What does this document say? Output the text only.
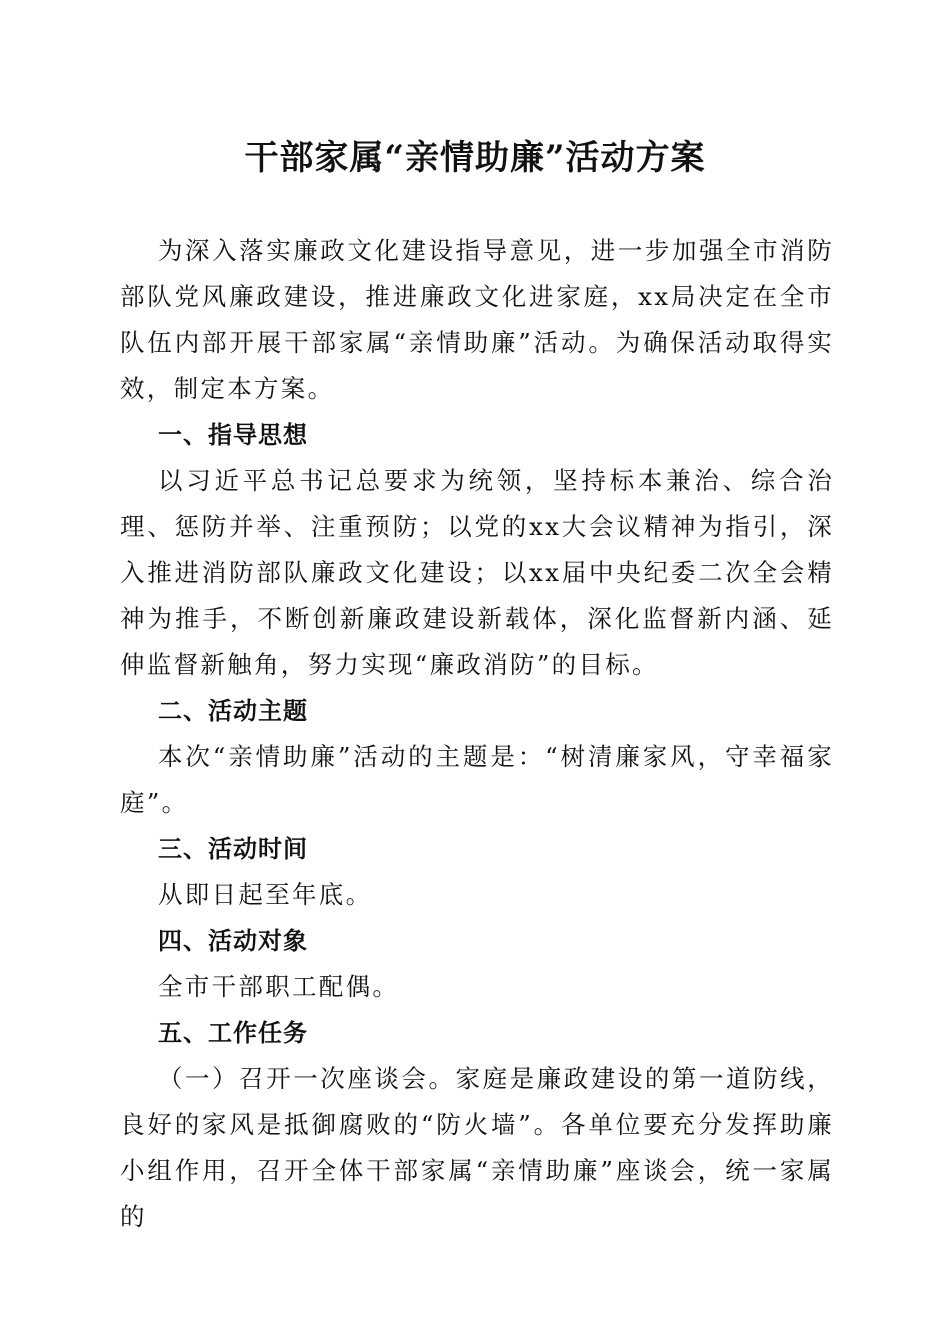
干部家属“亲情助廉”活动方案

为深入落实廉政文化建设指导意见，进一步加强全市消防部队党风廉政建设，推进廉政文化进家庭，xx局决定在全市队伍内部开展干部家属“亲情助廉”活动。为确保活动取得实效，制定本方案。

一、指导思想

以习近平总书记总要求为统领，坚持标本兼治、综合治理、惩防并举、注重预防；以党的xx大会议精神为指引，深入推进消防部队廉政文化建设；以xx届中央纪委二次全会精神为推手，不断创新廉政建设新载体，深化监督新内涵、延伸监督新触角，努力实现“廉政消防”的目标。

二、活动主题

本次“亲情助廉”活动的主题是：“树清廉家风，守幸福家庭”。

三、活动时间

从即日起至年底。

四、活动对象

全市干部职工配偶。

五、工作任务

（一）召开一次座谈会。家庭是廉政建设的第一道防线，良好的家风是抵御腐败的“防火墙”。各单位要充分发挥助廉小组作用，召开全体干部家属“亲情助廉”座谈会，统一家属的
